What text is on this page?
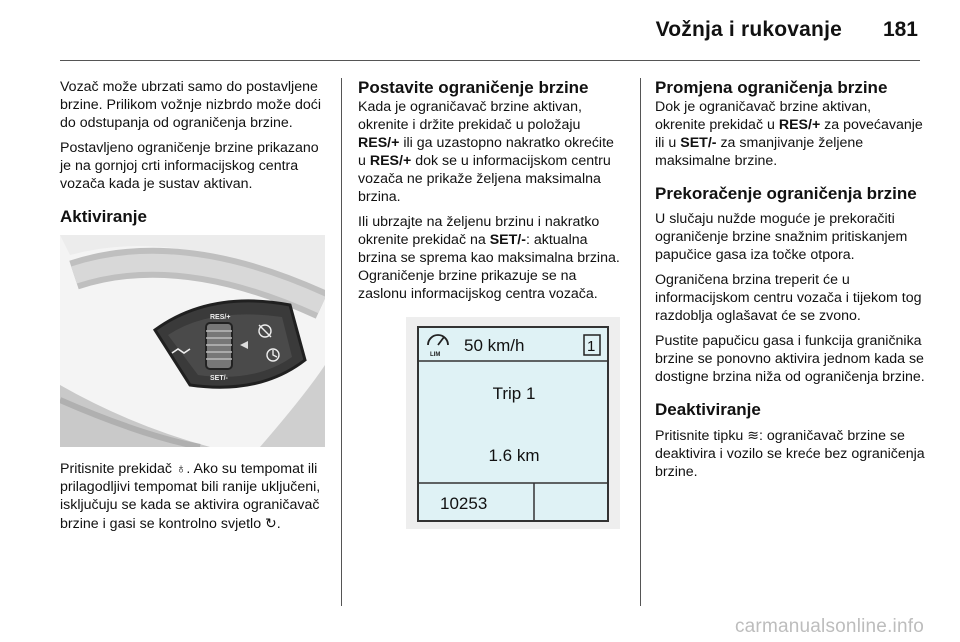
Vožnja i rukovanje 181

Vozač može ubrzati samo do postavljene brzine. Prilikom vožnje nizbrdo može doći do odstupanja od ograničenja brzine.

Postavljeno ograničenje brzine prikazano je na gornjoj crti informacijskog centra vozača kada je sustav aktivan.

Aktiviranje
RES/+
SET/-

Pritisnite prekidač ♁. Ako su tempomat ili prilagodljivi tempomat bili ranije uključeni, isključuju se kada se aktivira ograničavač brzine i gasi se kontrolno svjetlo ↻.

Postavite ograničenje brzine

Kada je ograničavač brzine aktivan, okrenite i držite prekidač u položaju RES/+ ili ga uzastopno nakratko okrećite u RES/+ dok se u informacijskom centru vozača ne prikaže željena maksimalna brzina.

Ili ubrzajte na željenu brzinu i nakratko okrenite prekidač na SET/-: aktualna brzina se sprema kao maksimalna brzina. Ograničenje brzine prikazuje se na zaslonu informacijskog centra vozača.

LIM 50 km/h	1
Trip 1
1.6 km
10253
Promjena ograničenja brzine

Dok je ograničavač brzine aktivan, okrenite prekidač u RES/+ za povećavanje ili u SET/- za smanjivanje željene maksimalne brzine.

Prekoračenje ograničenja brzine

U slučaju nužde moguće je prekoračiti ograničenje brzine snažnim pritiskanjem papučice gasa iza točke otpora.

Ograničena brzina treperit će u informacijskom centru vozača i tijekom tog razdoblja oglašavat će se zvono.

Pustite papučicu gasa i funkcija graničnika brzine se ponovno aktivira jednom kada se dostigne brzina niža od ograničenja brzine.

Deaktiviranje

Pritisnite tipku ≋: ograničavač brzine se deaktivira i vozilo se kreće bez ograničenja brzine.

carmanualsonline.info
